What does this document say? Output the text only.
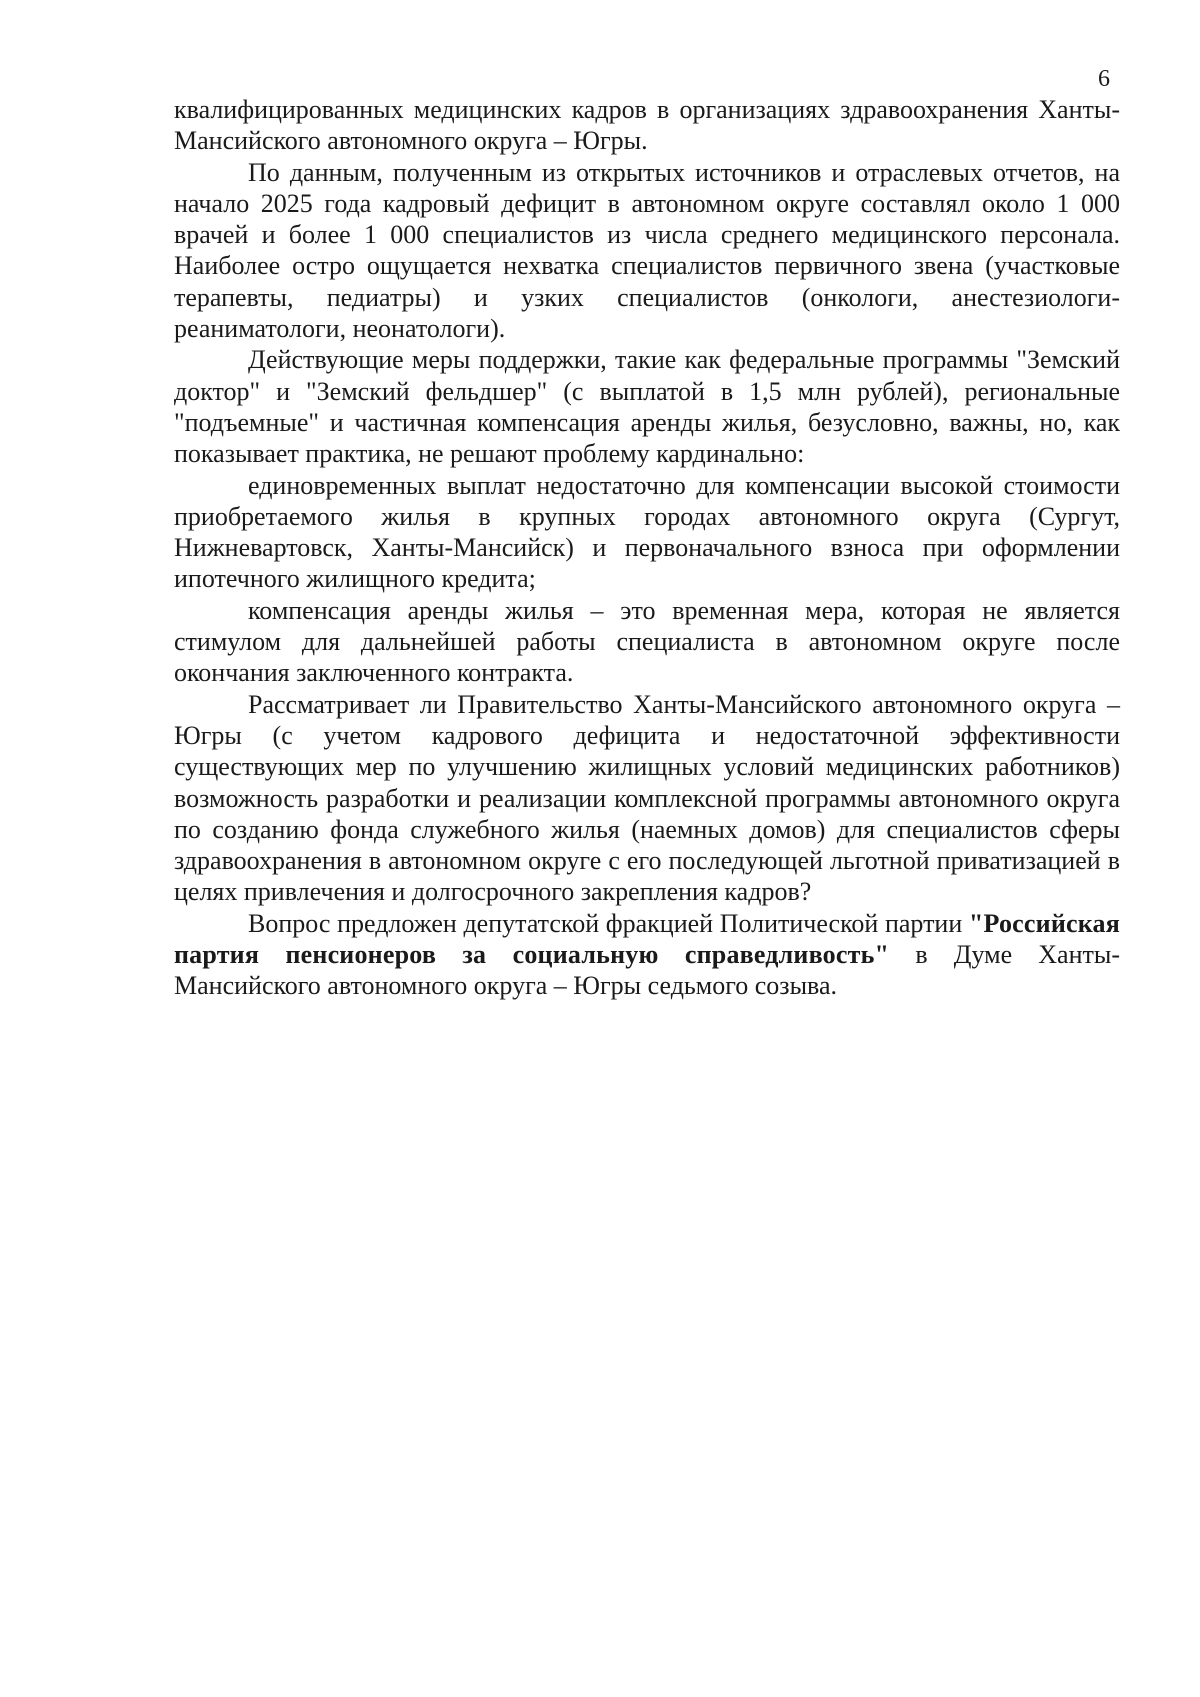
6

квалифицированных медицинских кадров в организациях здравоохранения Ханты-Мансийского автономного округа – Югры.

По данным, полученным из открытых источников и отраслевых отчетов, на начало 2025 года кадровый дефицит в автономном округе составлял около 1 000 врачей и более 1 000 специалистов из числа среднего медицинского персонала. Наиболее остро ощущается нехватка специалистов первичного звена (участковые терапевты, педиатры) и узких специалистов (онкологи, анестезиологи-реаниматологи, неонатологи).

Действующие меры поддержки, такие как федеральные программы "Земский доктор" и "Земский фельдшер" (с выплатой в 1,5 млн рублей), региональные "подъемные" и частичная компенсация аренды жилья, безусловно, важны, но, как показывает практика, не решают проблему кардинально:

единовременных выплат недостаточно для компенсации высокой стоимости приобретаемого жилья в крупных городах автономного округа (Сургут, Нижневартовск, Ханты-Мансийск) и первоначального взноса при оформлении ипотечного жилищного кредита;

компенсация аренды жилья – это временная мера, которая не является стимулом для дальнейшей работы специалиста в автономном округе после окончания заключенного контракта.

Рассматривает ли Правительство Ханты-Мансийского автономного округа – Югры (с учетом кадрового дефицита и недостаточной эффективности существующих мер по улучшению жилищных условий медицинских работников) возможность разработки и реализации комплексной программы автономного округа по созданию фонда служебного жилья (наемных домов) для специалистов сферы здравоохранения в автономном округе с его последующей льготной приватизацией в целях привлечения и долгосрочного закрепления кадров?

Вопрос предложен депутатской фракцией Политической партии "Российская партия пенсионеров за социальную справедливость" в Думе Ханты-Мансийского автономного округа – Югры седьмого созыва.
